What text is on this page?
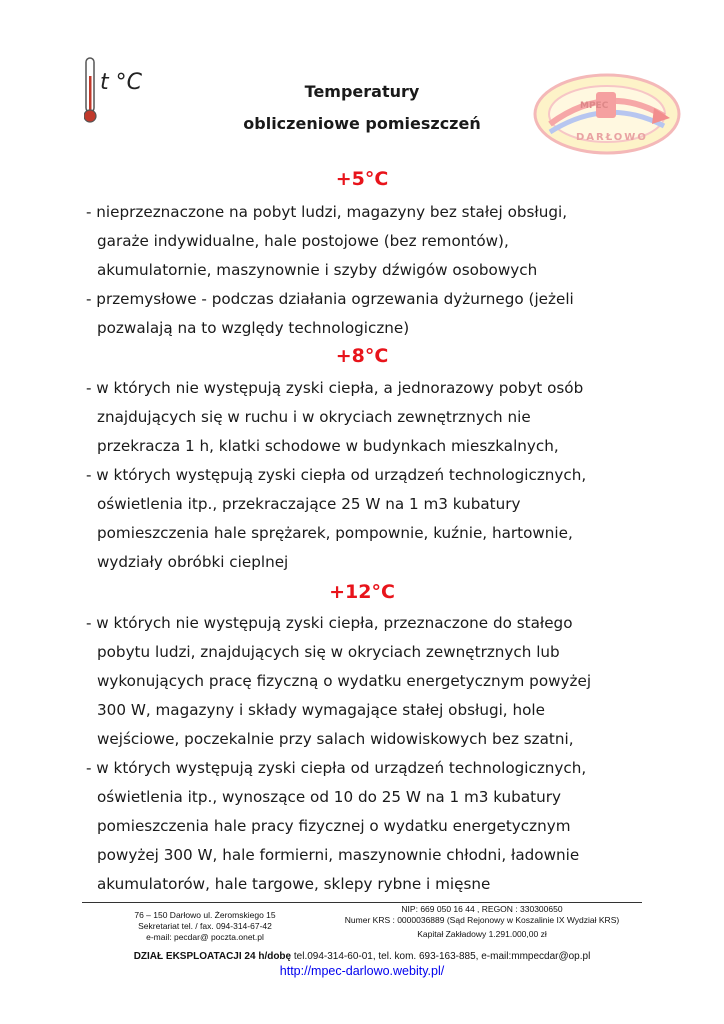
t °C	Temperatury
obliczeniowe pomieszczeń
MPEC
DARŁOWO
+5°C

- nieprzeznaczone na pobyt ludzi, magazyny bez stałej obsługi,

garaże indywidualne, hale postojowe (bez remontów),

akumulatornie, maszynownie i szyby dźwigów osobowych

- przemysłowe - podczas działania ogrzewania dyżurnego (jeżeli

pozwalają na to względy technologiczne)

+8°C

- w których nie występują zyski ciepła, a jednorazowy pobyt osób

znajdujących się w ruchu i w okryciach zewnętrznych nie

przekracza 1 h, klatki schodowe w budynkach mieszkalnych,

- w których występują zyski ciepła od urządzeń technologicznych,

oświetlenia itp., przekraczające 25 W na 1 m3 kubatury

pomieszczenia hale sprężarek, pompownie, kuźnie, hartownie,

wydziały obróbki cieplnej

+12°C

- w których nie występują zyski ciepła, przeznaczone do stałego

pobytu ludzi, znajdujących się w okryciach zewnętrznych lub

wykonujących pracę fizyczną o wydatku energetycznym powyżej

300 W, magazyny i składy wymagające stałej obsługi, hole

wejściowe, poczekalnie przy salach widowiskowych bez szatni,

- w których występują zyski ciepła od urządzeń technologicznych,

oświetlenia itp., wynoszące od 10 do 25 W na 1 m3 kubatury

pomieszczenia hale pracy fizycznej o wydatku energetycznym

powyżej 300 W, hale formierni, maszynownie chłodni, ładownie

akumulatorów, hale targowe, sklepy rybne i mięsne

76 – 150 Darłowo ul. Żeromskiego 15
Sekretariat tel. / fax. 094-314-67-42
e-mail: pecdar@ poczta.onet.pl
NIP: 669 050 16 44 , REGON : 330300650
Numer KRS : 0000036889 (Sąd Rejonowy w Koszalinie IX Wydział KRS)
Kapitał Zakładowy 1.291.000,00 zł
DZIAŁ EKSPLOATACJI 24 h/dobę tel.094-314-60-01, tel. kom. 693-163-885, e-mail:mmpecdar@op.pl
http://mpec-darlowo.webity.pl/
